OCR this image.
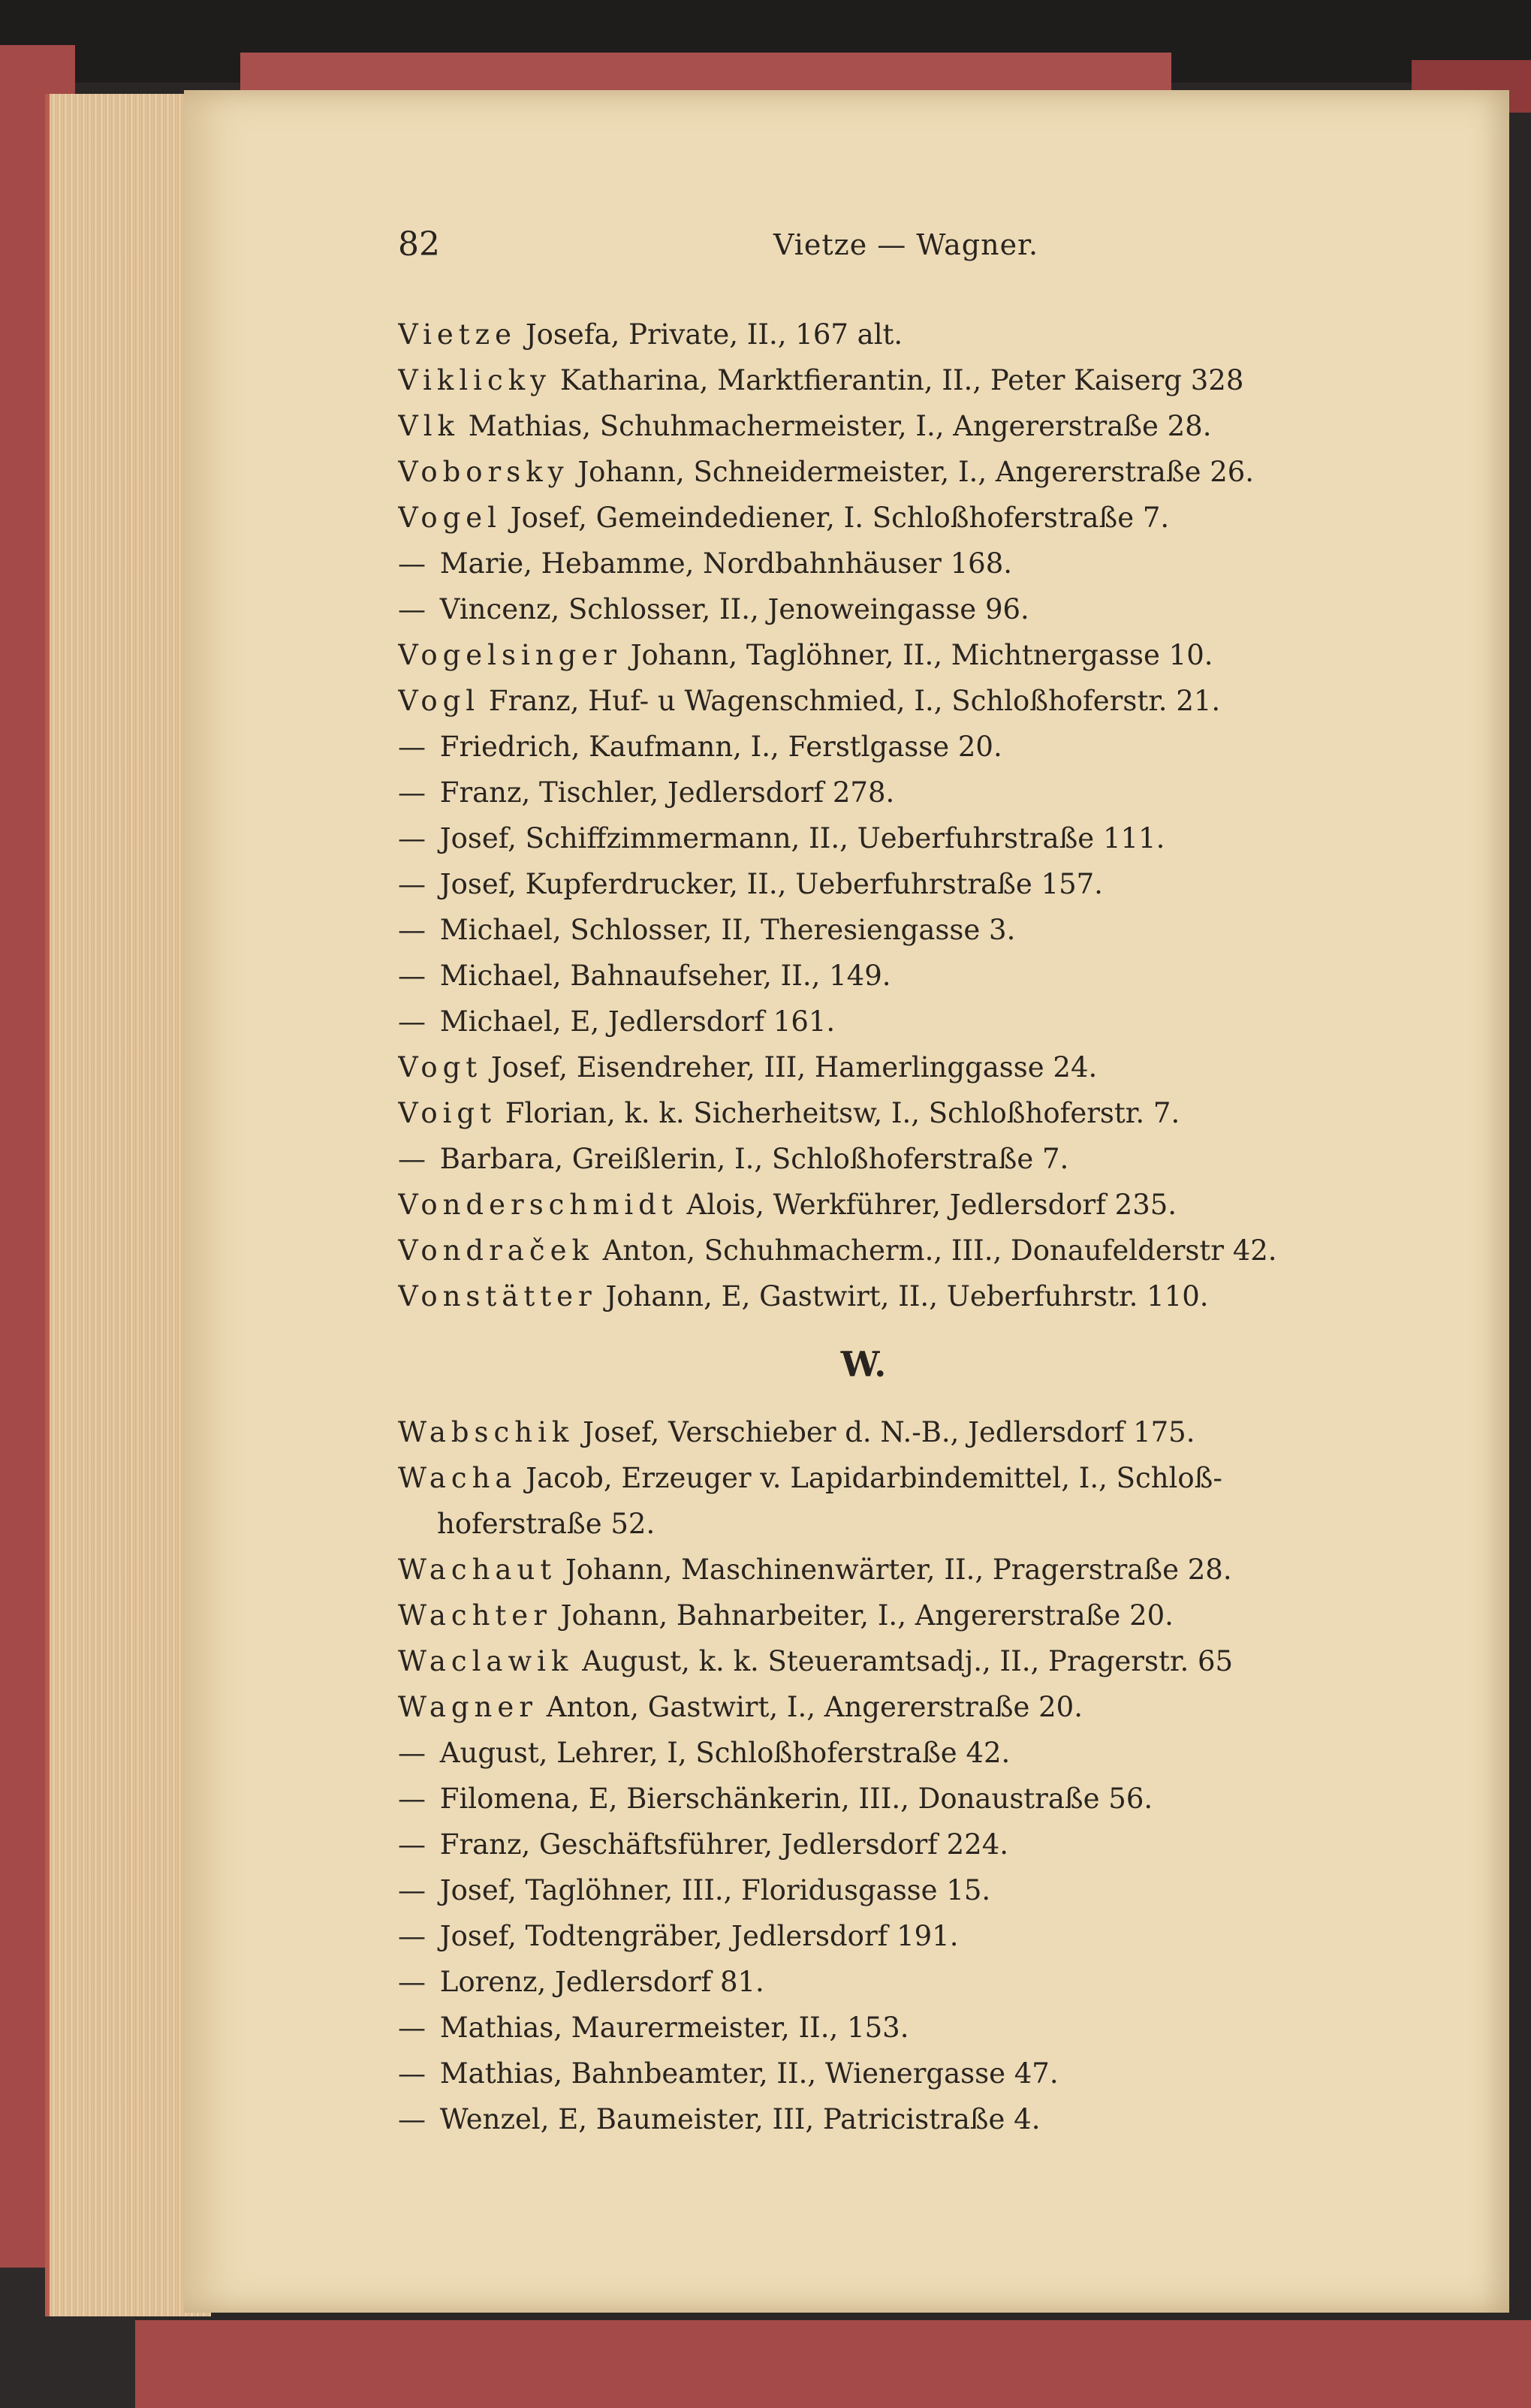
82	Vietze — Wagner.
Vietze Josefa, Private, II., 167 alt.
Viklicky Katharina, Marktfierantin, II., Peter Kaiserg 328
Vlk Mathias, Schuhmachermeister, I., Angererstraße 28.
Voborsky Johann, Schneidermeister, I., Angererstraße 26.
Vogel Josef, Gemeindediener, I. Schloßhoferstraße 7.
— Marie, Hebamme, Nordbahnhäuser 168.
— Vincenz, Schlosser, II., Jenoweingasse 96.
Vogelsinger Johann, Taglöhner, II., Michtnergasse 10.
Vogl Franz, Huf- u Wagenschmied, I., Schloßhoferstr. 21.
— Friedrich, Kaufmann, I., Ferstlgasse 20.
— Franz, Tischler, Jedlersdorf 278.
— Josef, Schiffzimmermann, II., Ueberfuhrstraße 111.
— Josef, Kupferdrucker, II., Ueberfuhrstraße 157.
— Michael, Schlosser, II, Theresiengasse 3.
— Michael, Bahnaufseher, II., 149.
— Michael, E, Jedlersdorf 161.
Vogt Josef, Eisendreher, III, Hamerlinggasse 24.
Voigt Florian, k. k. Sicherheitsw, I., Schloßhoferstr. 7.
— Barbara, Greißlerin, I., Schloßhoferstraße 7.
Vonderschmidt Alois, Werkführer, Jedlersdorf 235.
Vondraček Anton, Schuhmacherm., III., Donaufelderstr 42.
Vonstätter Johann, E, Gastwirt, II., Ueberfuhrstr. 110.
W.
Wabschik Josef, Verschieber d. N.-B., Jedlersdorf 175.
Wacha Jacob, Erzeuger v. Lapidarbindemittel, I., Schloß-
hoferstraße 52.
Wachaut Johann, Maschinenwärter, II., Pragerstraße 28.
Wachter Johann, Bahnarbeiter, I., Angererstraße 20.
Waclawik August, k. k. Steueramtsadj., II., Pragerstr. 65
Wagner Anton, Gastwirt, I., Angererstraße 20.
— August, Lehrer, I, Schloßhoferstraße 42.
— Filomena, E, Bierschänkerin, III., Donaustraße 56.
— Franz, Geschäftsführer, Jedlersdorf 224.
— Josef, Taglöhner, III., Floridusgasse 15.
— Josef, Todtengräber, Jedlersdorf 191.
— Lorenz, Jedlersdorf 81.
— Mathias, Maurermeister, II., 153.
— Mathias, Bahnbeamter, II., Wienergasse 47.
— Wenzel, E, Baumeister, III, Patricistraße 4.
